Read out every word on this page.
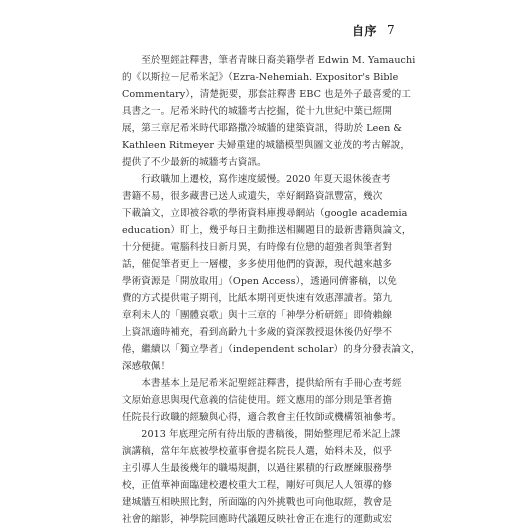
自序 7
　　至於聖經註釋書，筆者青睞日裔美籍學者 Edwin M. Yamauchi
的《以斯拉－尼希米記》（Ezra-Nehemiah. Expositor's Bible
Commentary），清楚扼要，那套註釋書 EBC 也是外子最喜愛的工
具書之一。尼希米時代的城牆考古挖掘，從十九世紀中葉已經開
展，第三章尼希米時代耶路撒冷城牆的建築資訊，得助於 Leen &
Kathleen Ritmeyer 夫婦重建的城牆模型與圖文並茂的考古解說，
提供了不少最新的城牆考古資訊。
　　行政職加上遷校，寫作速度緩慢。2020 年夏天退休後查考
書籍不易，很多藏書已送人或遺失，幸好網路資訊豐富，幾次
下載論文，立即被谷歌的學術資料庫搜尋網站（google academia
education）盯上，幾乎每日主動推送相關題目的最新書籍與論文，
十分便捷。電腦科技日新月異，有時像有位戀的超強者與筆者對
話，催促筆者更上一層樓，多多使用他們的資源，現代越來越多
學術資源是「開放取用」（Open Access），透過同儕審稿，以免
費的方式提供電子期刊，比紙本期刊更快速有效惠澤讀者。第九
章利未人的「團體哀歌」與十三章的「神學分析研經」即倚賴線
上資訊適時補充，看到高齡九十多歲的資深教授退休後仍好學不
倦，繼續以「獨立學者」（independent scholar）的身分發表論文，
深感敬佩！
　　本書基本上是尼希米記聖經註釋書，提供給所有手冊心查考經
文原始意思與現代意義的信徒使用。經文應用的部分則是筆者擔
任院長行政職的經驗與心得，適合教會主任牧師或機構領袖參考。
　　2013 年底理完所有待出版的書稿後，開始整理尼希米記上課
演講稿，當年年底被學校董事會提名院長人選，始料未及，似乎
主引導人生最後幾年的職場規劃，以過往累積的行政歷練服務學
校，正值華神面臨建校遷校重大工程，剛好可與尼人人領導的修
建城牆互相映照比對，所面臨的內外挑戰也可向他取經，教會是
社會的縮影，神學院回應時代議題反映社會正在進行的運動或宏
